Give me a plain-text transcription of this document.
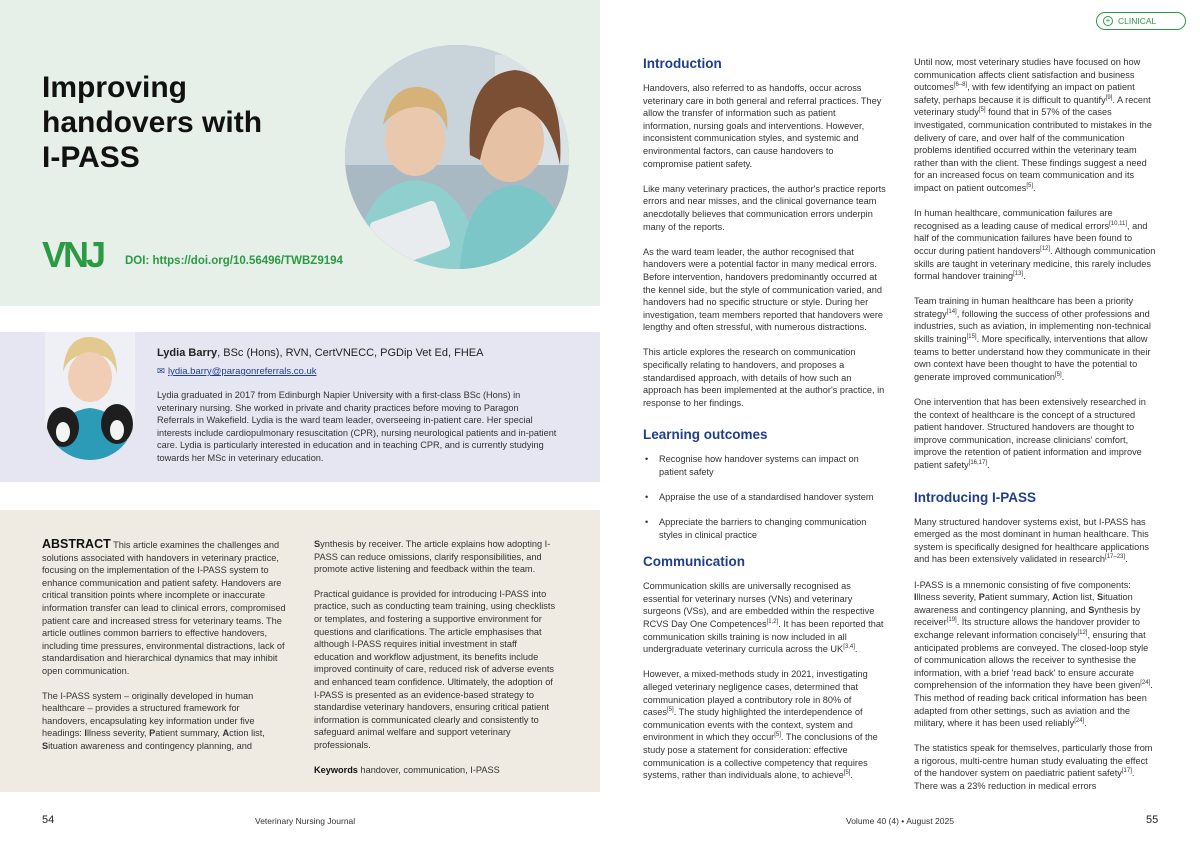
Improving handovers with I-PASS
VNJ DOI: https://doi.org/10.56496/TWBZ9194
Lydia Barry, BSc (Hons), RVN, CertVNECC, PGDip Vet Ed, FHEA
✉ lydia.barry@paragonreferrals.co.uk

Lydia graduated in 2017 from Edinburgh Napier University with a first-class BSc (Hons) in veterinary nursing. She worked in private and charity practices before moving to Paragon Referrals in Wakefield. Lydia is the ward team leader, overseeing in-patient care. Her special interests include cardiopulmonary resuscitation (CPR), nursing neurological patients and in-patient care. Lydia is particularly interested in education and in teaching CPR, and is currently studying towards her MSc in veterinary education.

ABSTRACT This article examines the challenges and solutions associated with handovers in veterinary practice, focusing on the implementation of the I-PASS system to enhance communication and patient safety. Handovers are critical transition points where incomplete or inaccurate information transfer can lead to clinical errors, compromised patient care and increased stress for veterinary teams. The article outlines common barriers to effective handovers, including time pressures, environmental distractions, lack of standardisation and hierarchical dynamics that may inhibit open communication.

The I-PASS system – originally developed in human healthcare – provides a structured framework for handovers, encapsulating key information under five headings: Illness severity, Patient summary, Action list, Situation awareness and contingency planning, and

Synthesis by receiver. The article explains how adopting I-PASS can reduce omissions, clarify responsibilities, and promote active listening and feedback within the team.

Practical guidance is provided for introducing I-PASS into practice, such as conducting team training, using checklists or templates, and fostering a supportive environment for questions and clarifications. The article emphasises that although I-PASS requires initial investment in staff education and workflow adjustment, its benefits include improved continuity of care, reduced risk of adverse events and enhanced team confidence. Ultimately, the adoption of I-PASS is presented as an evidence-based strategy to standardise veterinary handovers, ensuring critical patient information is communicated clearly and consistently to safeguard animal welfare and support veterinary professionals.

Keywords handover, communication, I-PASS

54	Veterinary Nursing Journal
+ CLINICAL
Introduction

Handovers, also referred to as handoffs, occur across veterinary care in both general and referral practices. They allow the transfer of information such as patient information, nursing goals and interventions. However, inconsistent communication styles, and systemic and environmental factors, can cause handovers to compromise patient safety.

Like many veterinary practices, the author's practice reports errors and near misses, and the clinical governance team anecdotally believes that communication errors underpin many of the reports.

As the ward team leader, the author recognised that handovers were a potential factor in many medical errors. Before intervention, handovers predominantly occurred at the kennel side, but the style of communication varied, and handovers had no specific structure or style. During her investigation, team members reported that handovers were lengthy and often stressful, with numerous distractions.

This article explores the research on communication specifically relating to handovers, and proposes a standardised approach, with details of how such an approach has been implemented at the author's practice, in response to her findings.

Learning outcomes
• Recognise how handover systems can impact on patient safety
• Appraise the use of a standardised handover system
• Appreciate the barriers to changing communication styles in clinical practice
Communication

Communication skills are universally recognised as essential for veterinary nurses (VNs) and veterinary surgeons (VSs), and are embedded within the respective RCVS Day One Competences[1,2]. It has been reported that communication skills training is now included in all undergraduate veterinary curricula across the UK[3,4].

However, a mixed-methods study in 2021, investigating alleged veterinary negligence cases, determined that communication played a contributory role in 80% of cases[5]. The study highlighted the interdependence of communication events with the context, system and environment in which they occur[5]. The conclusions of the study pose a statement for consideration: effective communication is a collective competency that requires systems, rather than individuals alone, to achieve[5].

Until now, most veterinary studies have focused on how communication affects client satisfaction and business outcomes[6–8], with few identifying an impact on patient safety, perhaps because it is difficult to quantify[9]. A recent veterinary study[5] found that in 57% of the cases investigated, communication contributed to mistakes in the delivery of care, and over half of the communication problems identified occurred within the veterinary team rather than with the client. These findings suggest a need for an increased focus on team communication and its impact on patient outcomes[5].

In human healthcare, communication failures are recognised as a leading cause of medical errors[10,11], and half of the communication failures have been found to occur during patient handovers[12]. Although communication skills are taught in veterinary medicine, this rarely includes formal handover training[13].

Team training in human healthcare has been a priority strategy[14], following the success of other professions and industries, such as aviation, in implementing non-technical skills training[15]. More specifically, interventions that allow teams to better understand how they communicate in their own context have been thought to have the potential to generate improved communication[5].

One intervention that has been extensively researched in the context of healthcare is the concept of a structured patient handover. Structured handovers are thought to improve communication, increase clinicians' comfort, improve the retention of patient information and improve patient safety[16,17].

Introducing I-PASS

Many structured handover systems exist, but I-PASS has emerged as the most dominant in human healthcare. This system is specifically designed for healthcare applications and has been extensively validated in research[17–23].

I-PASS is a mnemonic consisting of five components: Illness severity, Patient summary, Action list, Situation awareness and contingency planning, and Synthesis by receiver[19]. Its structure allows the handover provider to exchange relevant information concisely[12], ensuring that anticipated problems are conveyed. The closed-loop style of communication allows the receiver to synthesise the information, with a brief 'read back' to ensure accurate comprehension of the information they have been given[24]. This method of reading back critical information has been adapted from other settings, such as aviation and the military, where it has been used reliably[24].

The statistics speak for themselves, particularly those from a rigorous, multi-centre human study evaluating the effect of the handover system on paediatric patient safety[17]. There was a 23% reduction in medical errors

Volume 40 (4) • August 2025	55
